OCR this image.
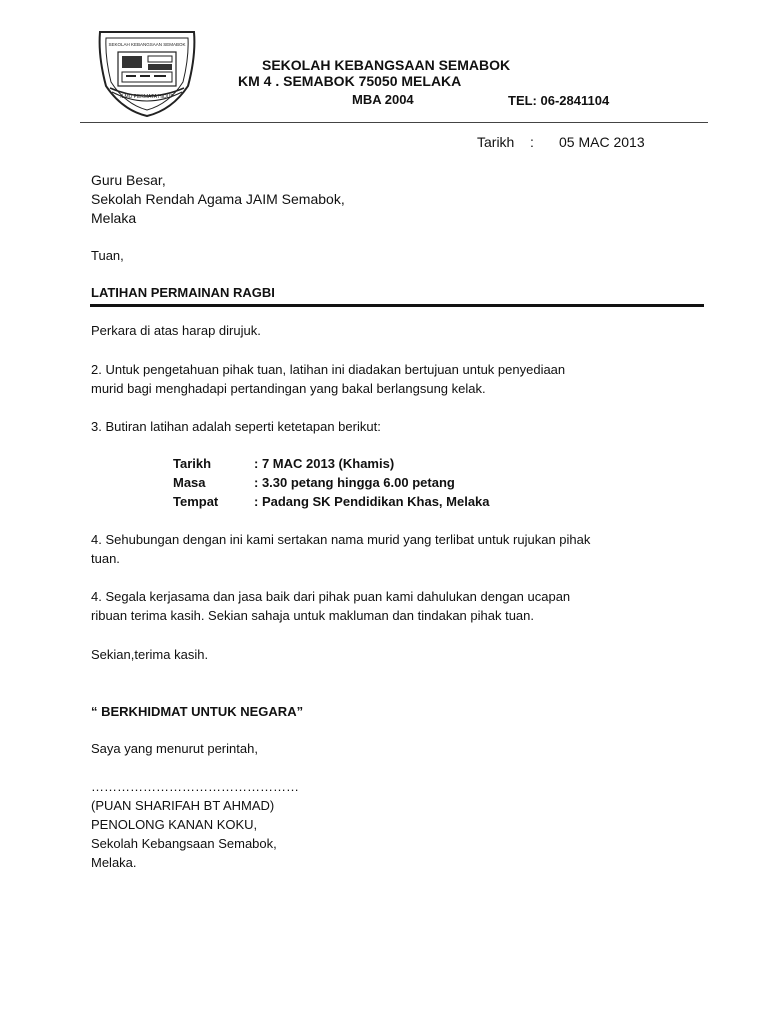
SEKOLAH KEBANGSAAN SEMABOK
ILMU PERMATA HIDUP
SEKOLAH KEBANGSAAN SEMABOK
KM 4 . SEMABOK 75050 MELAKA
MBA 2004	TEL: 06-2841104
Tarikh : 05 MAC 2013
Guru Besar,
Sekolah Rendah Agama JAIM Semabok,
Melaka
Tuan,
LATIHAN PERMAINAN RAGBI
Perkara di atas harap dirujuk.
2. Untuk pengetahuan pihak tuan, latihan ini diadakan bertujuan untuk penyediaan
murid bagi menghadapi pertandingan yang bakal berlangsung kelak.
3. Butiran latihan adalah seperti ketetapan berikut:
Tarikh	: 7 MAC 2013 (Khamis)
Masa	: 3.30 petang hingga 6.00 petang
Tempat	: Padang SK Pendidikan Khas, Melaka
4. Sehubungan dengan ini kami sertakan nama murid yang terlibat untuk rujukan pihak
tuan.
4. Segala kerjasama dan jasa baik dari pihak puan kami dahulukan dengan ucapan
ribuan terima kasih. Sekian sahaja untuk makluman dan tindakan pihak tuan.
Sekian,terima kasih.
“ BERKHIDMAT UNTUK NEGARA”
Saya yang menurut perintah,
…………………………………………
(PUAN SHARIFAH BT AHMAD)
PENOLONG KANAN KOKU,
Sekolah Kebangsaan Semabok,
Melaka.
